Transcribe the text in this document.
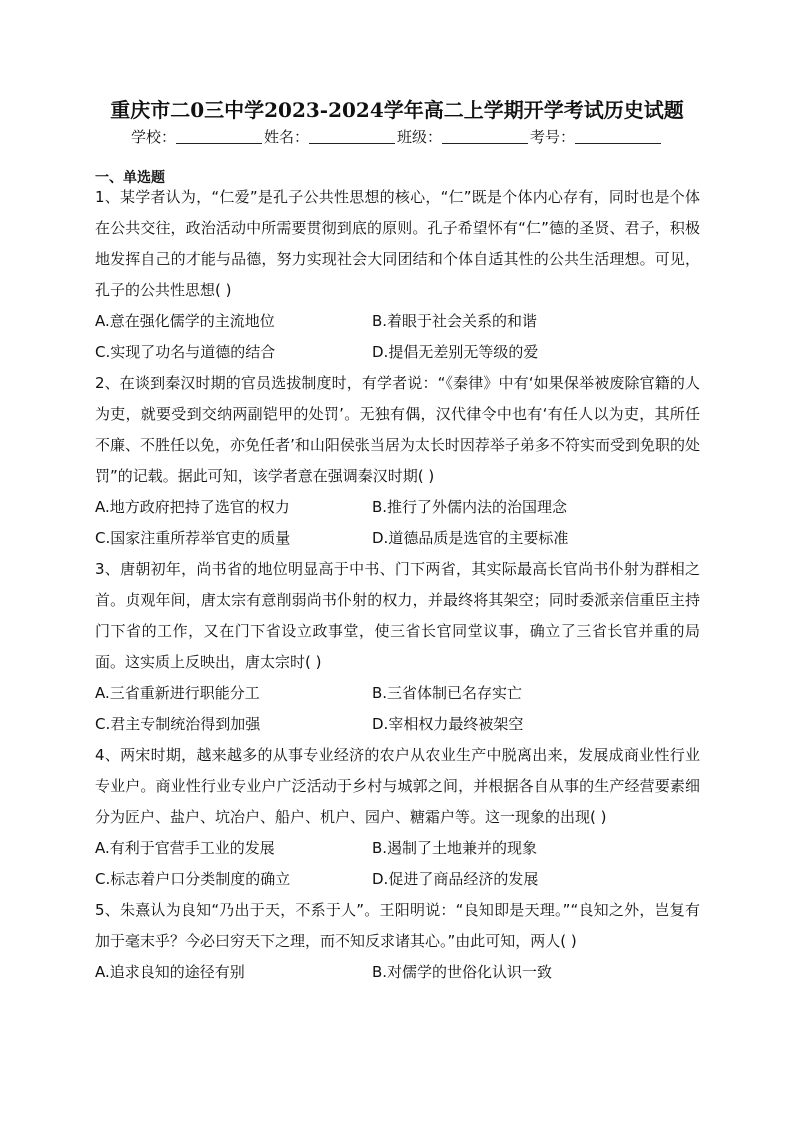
重庆市二0三中学2023-2024学年高二上学期开学考试历史试题
学校：	姓名：	班级：	考号：
一、单选题

1、某学者认为，“仁爱”是孔子公共性思想的核心，“仁”既是个体内心存有，同时也是个体在公共交往，政治活动中所需要贯彻到底的原则。孔子希望怀有“仁”德的圣贤、君子，积极地发挥自己的才能与品德，努力实现社会大同团结和个体自适其性的公共生活理想。可见，孔子的公共性思想( )

A.意在强化儒学的主流地位	B.着眼于社会关系的和谐
C.实现了功名与道德的结合	D.提倡无差别无等级的爱

2、在谈到秦汉时期的官员选拔制度时，有学者说：“《秦律》中有‘如果保举被废除官籍的人为吏，就要受到交纳两副铠甲的处罚’。无独有偶，汉代律令中也有‘有任人以为吏，其所任不廉、不胜任以免，亦免任者’和山阳侯张当居为太长时因荐举子弟多不符实而受到免职的处罚”的记载。据此可知，该学者意在强调秦汉时期( )

A.地方政府把持了选官的权力	B.推行了外儒内法的治国理念
C.国家注重所荐举官吏的质量	D.道德品质是选官的主要标准

3、唐朝初年，尚书省的地位明显高于中书、门下两省，其实际最高长官尚书仆射为群相之首。贞观年间，唐太宗有意削弱尚书仆射的权力，并最终将其架空；同时委派亲信重臣主持门下省的工作，又在门下省设立政事堂，使三省长官同堂议事，确立了三省长官并重的局面。这实质上反映出，唐太宗时( )

A.三省重新进行职能分工	B.三省体制已名存实亡
C.君主专制统治得到加强	D.宰相权力最终被架空

4、两宋时期，越来越多的从事专业经济的农户从农业生产中脱离出来，发展成商业性行业专业户。商业性行业专业户广泛活动于乡村与城郭之间，并根据各自从事的生产经营要素细分为匠户、盐户、坑冶户、船户、机户、园户、糖霜户等。这一现象的出现( )

A.有利于官营手工业的发展	B.遏制了土地兼并的现象
C.标志着户口分类制度的确立	D.促进了商品经济的发展

5、朱熹认为良知“乃出于天，不系于人”。王阳明说：“良知即是天理。”“良知之外，岂复有加于毫末乎？今必曰穷天下之理，而不知反求诸其心。”由此可知，两人( )

A.追求良知的途径有别	B.对儒学的世俗化认识一致
